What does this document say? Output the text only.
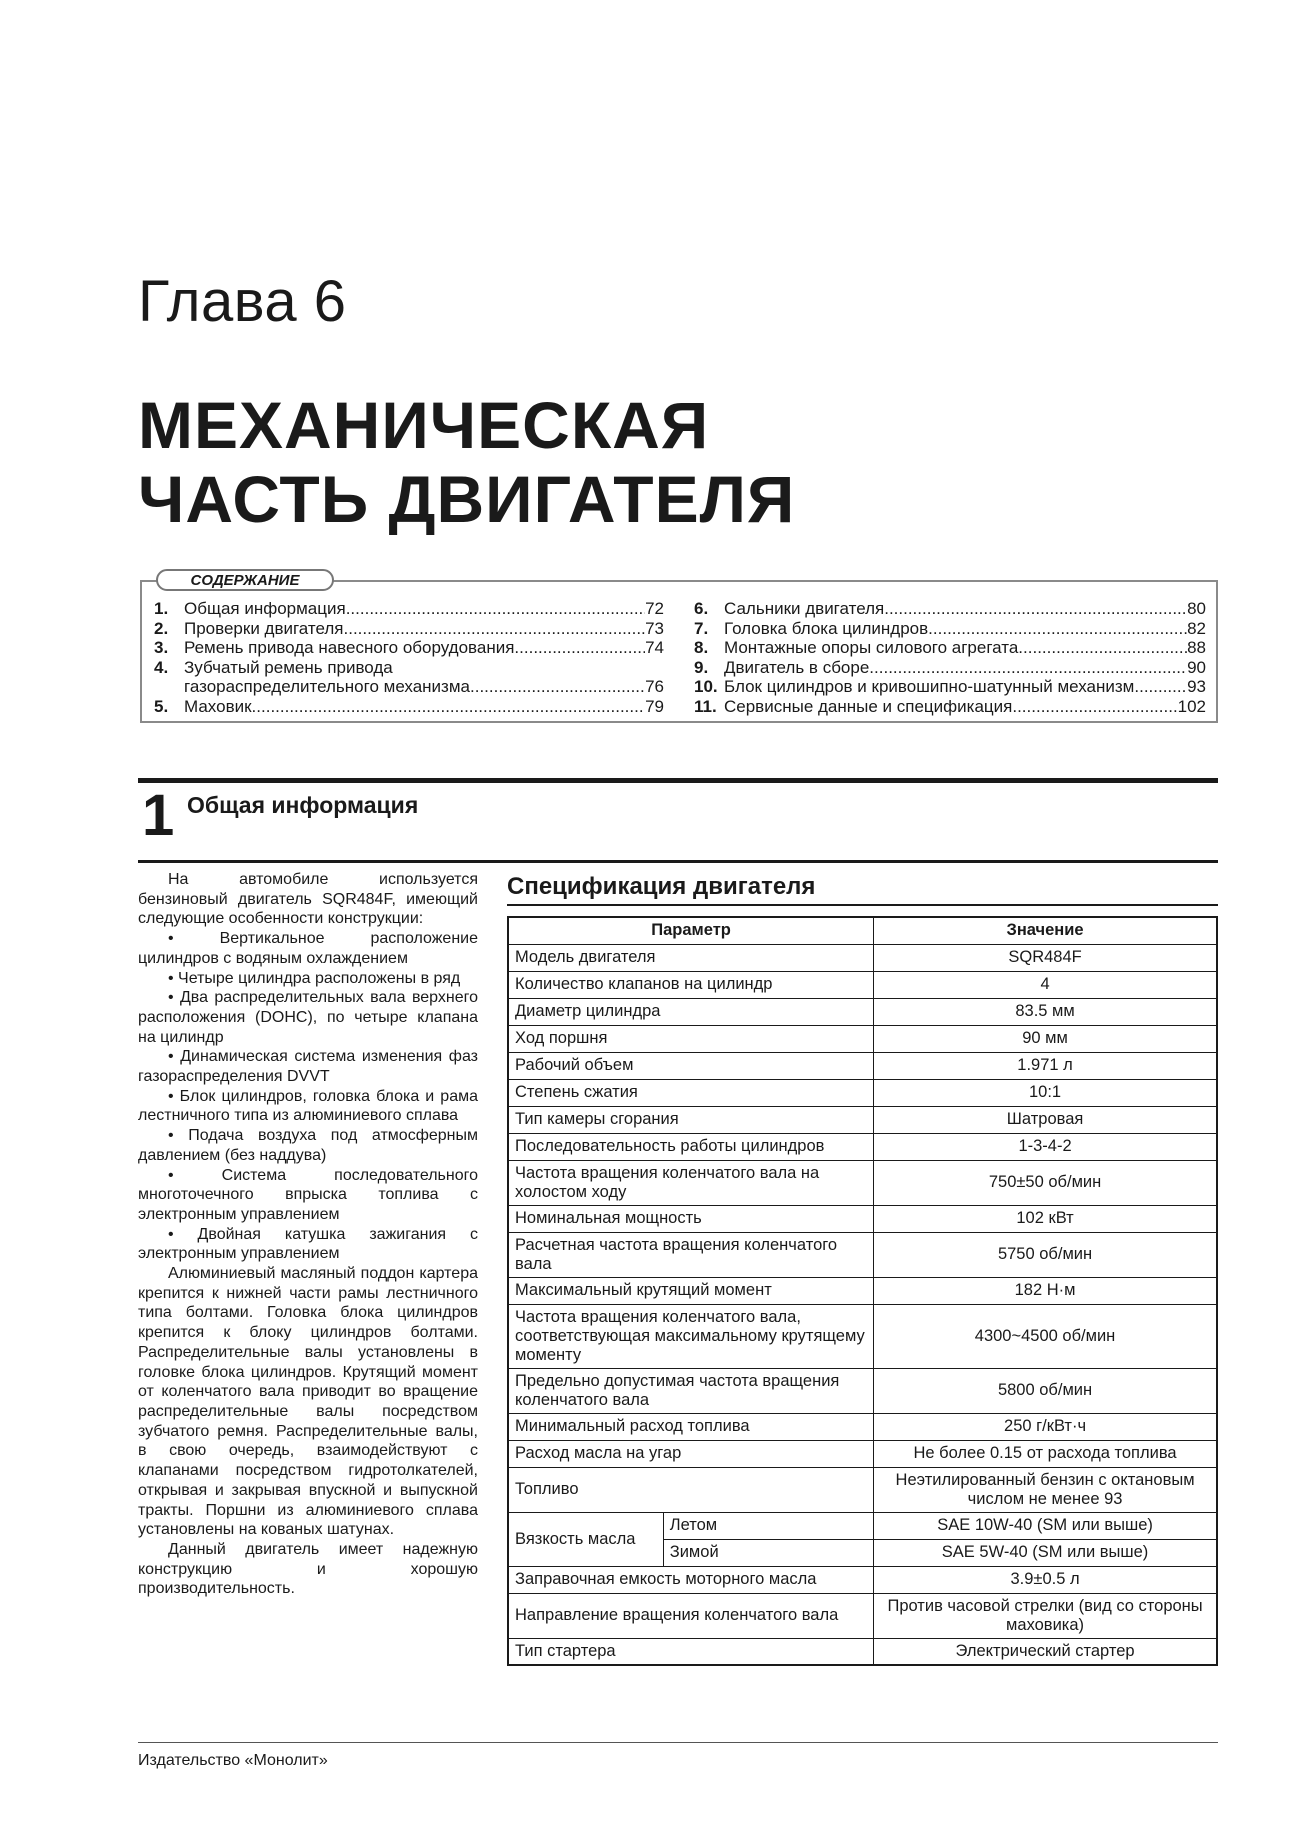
Глава 6
МЕХАНИЧЕСКАЯ
ЧАСТЬ ДВИГАТЕЛЯ
СОДЕРЖАНИЕ
1. Общая информация .....	72
2. Проверки двигателя .....	73
3. Ремень привода навесного оборудования .....	74
4. Зубчатый ремень привода
газораспределительного механизма .....	76
5. Маховик .....	79
6. Сальники двигателя .....	80
7. Головка блока цилиндров .....	82
8. Монтажные опоры силового агрегата .....	88
9. Двигатель в сборе .....	90
10. Блок цилиндров и кривошипно-шатунный механизм .....	93
11. Сервисные данные и спецификация .....	102
1 Общая информация

На автомобиле используется бензиновый двигатель SQR484F, имеющий следующие особенности конструкции:

• Вертикальное расположение цилиндров с водяным охлаждением

• Четыре цилиндра расположены в ряд

• Два распределительных вала верхнего расположения (DOHC), по четыре клапана на цилиндр

• Динамическая система изменения фаз газораспределения DVVT

• Блок цилиндров, головка блока и рама лестничного типа из алюминиевого сплава

• Подача воздуха под атмосферным давлением (без наддува)

• Система последовательного многоточечного впрыска топлива с электронным управлением

• Двойная катушка зажигания с электронным управлением

Алюминиевый масляный поддон картера крепится к нижней части рамы лестничного типа болтами. Головка блока цилиндров крепится к блоку цилиндров болтами. Распределительные валы установлены в головке блока цилиндров. Крутящий момент от коленчатого вала приводит во вращение распределительные валы посредством зубчатого ремня. Распределительные валы, в свою очередь, взаимодействуют с клапанами посредством гидротолкателей, открывая и закрывая впускной и выпускной тракты. Поршни из алюминиевого сплава установлены на кованых шатунах.

Данный двигатель имеет надежную конструкцию и хорошую производительность.

Спецификация двигателя
Параметр		Значение
Модель двигателя		SQR484F
Количество клапанов на цилиндр		4
Диаметр цилиндра		83.5 мм
Ход поршня		90 мм
Рабочий объем		1.971 л
Степень сжатия		10:1
Тип камеры сгорания		Шатровая
Последовательность работы цилиндров		1-3-4-2
Частота вращения коленчатого вала на холостом ходу		750±50 об/мин
Номинальная мощность		102 кВт
Расчетная частота вращения коленчатого вала		5750 об/мин
Максимальный крутящий момент		182 Н·м
Частота вращения коленчатого вала, соответствующая максимальному крутящему моменту		4300~4500 об/мин
Предельно допустимая частота вращения коленчатого вала		5800 об/мин
Минимальный расход топлива		250 г/кВт·ч
Расход масла на угар		Не более 0.15 от расхода топлива
Топливо		Неэтилированный бензин с октановым числом не менее 93
Вязкость масла	Летом	SAE 10W-40 (SM или выше)
	Зимой	SAE 5W-40 (SM или выше)
Заправочная емкость моторного масла		3.9±0.5 л
Направление вращения коленчатого вала		Против часовой стрелки (вид со стороны маховика)
Тип стартера		Электрический стартер
Издательство «Монолит»
